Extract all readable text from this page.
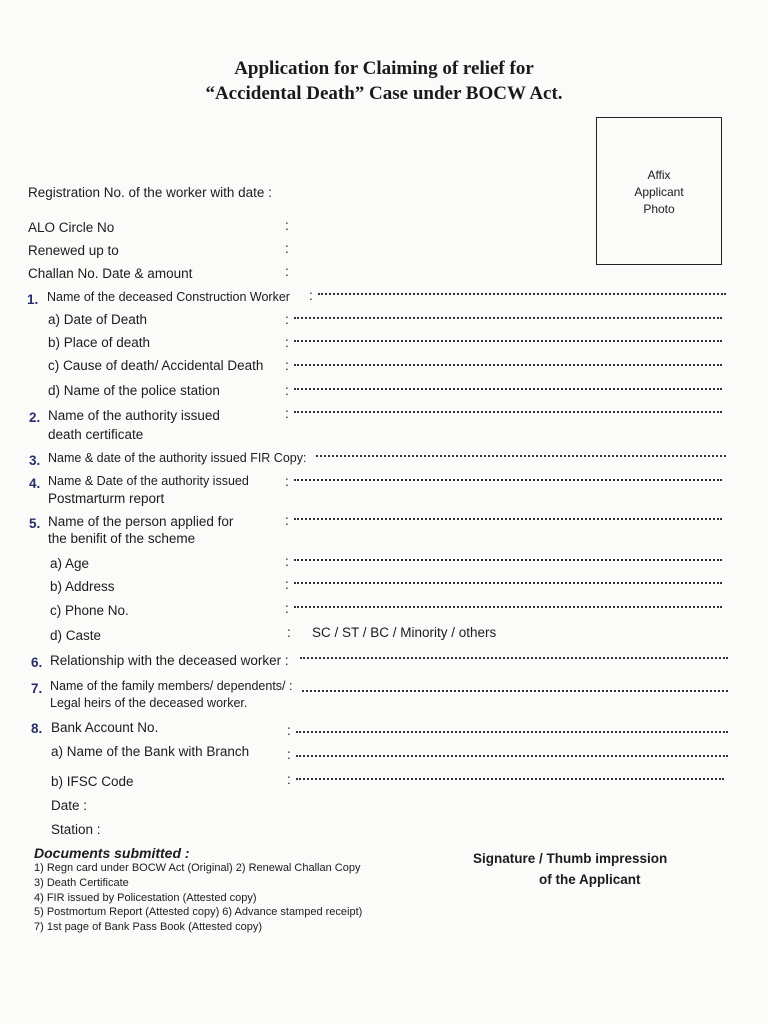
Application for Claiming of relief for
“Accidental Death” Case under BOCW Act.
Affix
Applicant
Photo
Registration No. of the worker with date :
ALO Circle No	:
Renewed up to	:
Challan No. Date & amount	:
1. Name of the deceased Construction Worker :
a) Date of Death	:
b) Place of death	:
c) Cause of death/ Accidental Death :
d) Name of the police station	:
2. Name of the authority issued
death certificate
:
3. Name & date of the authority issued FIR Copy:
4. Name & Date of the authority issued
Postmarturm report
:
5. Name of the person applied for
the benifit of the scheme
:
a) Age	:
b) Address	:
c) Phone No.	:
d) Caste	: SC / ST / BC / Minority / others
6. Relationship with the deceased worker :
7. Name of the family members/ dependents/ :
Legal heirs of the deceased worker.
8. Bank Account No.	:
a) Name of the Bank with Branch	:
b) IFSC Code	:
Date :
Station :
Documents submitted :
1) Regn card under BOCW Act (Original) 2) Renewal Challan Copy
3) Death Certificate
4) FIR issued by Policestation (Attested copy)
5) Postmortum Report (Attested copy) 6) Advance stamped receipt)
7) 1st page of Bank Pass Book (Attested copy)
Signature / Thumb impression
of the Applicant
